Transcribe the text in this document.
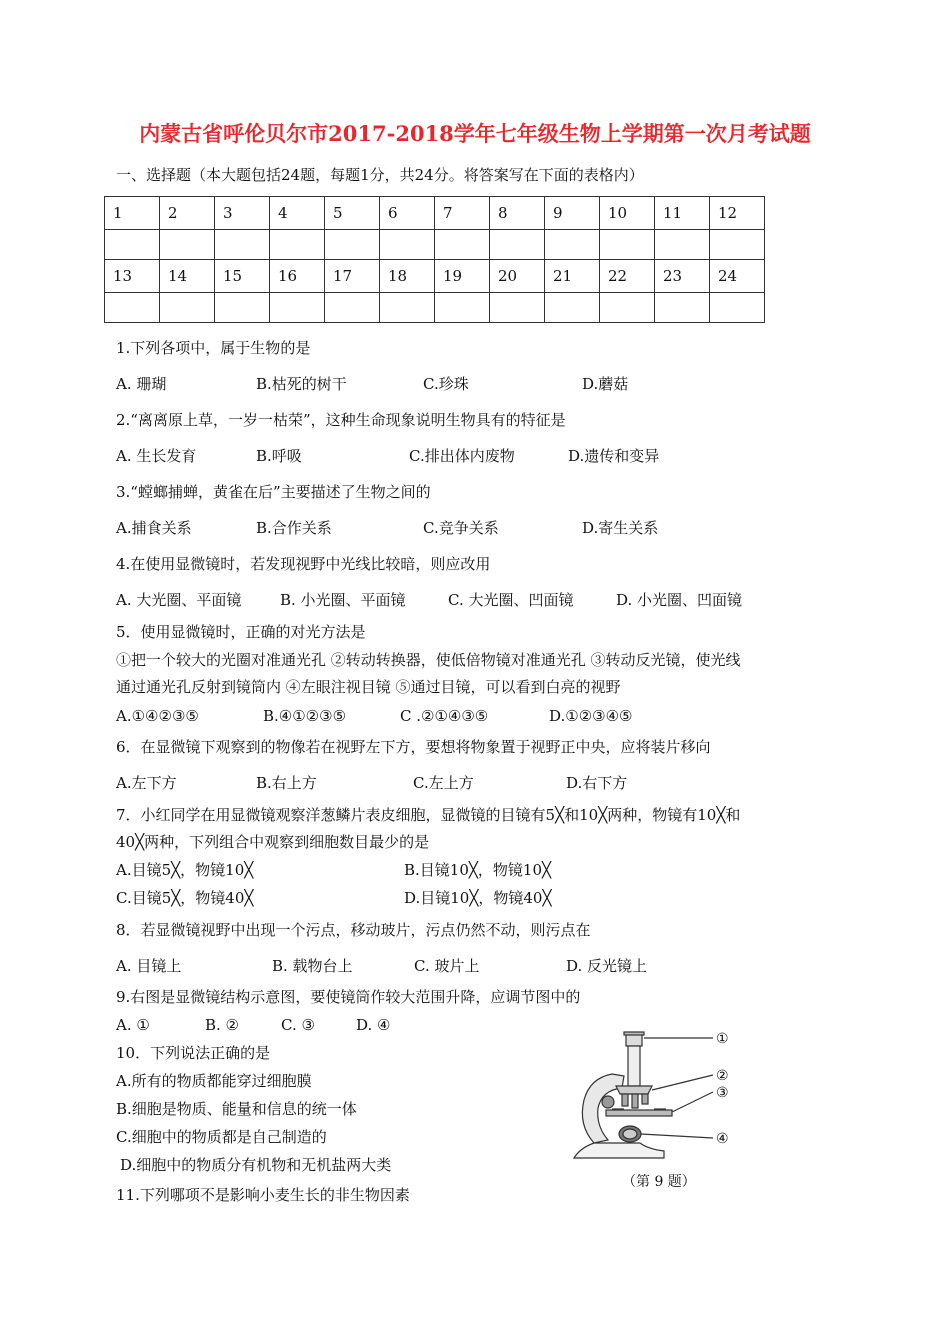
内蒙古省呼伦贝尔市2017-2018学年七年级生物上学期第一次月考试题
一、选择题（本大题包括24题，每题1分，共24分。将答案写在下面的表格内）
1	2	3	4	5	6	7	8	9	10	11	12

13	14	15	16	17	18	19	20	21	22	23	24

1.下列各项中，属于生物的是
A. 珊瑚	B.枯死的树干	C.珍珠	D.蘑菇
2.“离离原上草，一岁一枯荣”，这种生命现象说明生物具有的特征是
A. 生长发育	B.呼吸	C.排出体内废物	D.遗传和变异
3.“螳螂捕蝉，黄雀在后”主要描述了生物之间的
A.捕食关系	B.合作关系	C.竞争关系	D.寄生关系
4.在使用显微镜时，若发现视野中光线比较暗，则应改用
A. 大光圈、平面镜	B. 小光圈、平面镜	C. 大光圈、凹面镜	D. 小光圈、凹面镜
5．使用显微镜时，正确的对光方法是
①把一个较大的光圈对准通光孔 ②转动转换器，使低倍物镜对准通光孔 ③转动反光镜，使光线
通过通光孔反射到镜筒内 ④左眼注视目镜 ⑤通过目镜，可以看到白亮的视野
A.①④②③⑤	B.④①②③⑤	C .②①④③⑤	D.①②③④⑤
6．在显微镜下观察到的物像若在视野左下方，要想将物象置于视野正中央，应将装片移向
A.左下方	B.右上方	C.左上方	D.右下方
7．小红同学在用显微镜观察洋葱鳞片表皮细胞，显微镜的目镜有5╳和10╳两种，物镜有10╳和
40╳两种，下列组合中观察到细胞数目最少的是
A.目镜5╳，物镜10╳	B.目镜10╳，物镜10╳
C.目镜5╳，物镜40╳	D.目镜10╳，物镜40╳
8．若显微镜视野中出现一个污点，移动玻片，污点仍然不动，则污点在
A. 目镜上	B. 载物台上	C. 玻片上	D. 反光镜上
9.右图是显微镜结构示意图，要使镜筒作较大范围升降，应调节图中的
A. ①	B. ②	C. ③	D. ④
10．下列说法正确的是
A.所有的物质都能穿过细胞膜
B.细胞是物质、能量和信息的统一体
C.细胞中的物质都是自己制造的
D.细胞中的物质分有机物和无机盐两大类
11.下列哪项不是影响小麦生长的非生物因素
①
②
③
④
（第 9 题）
